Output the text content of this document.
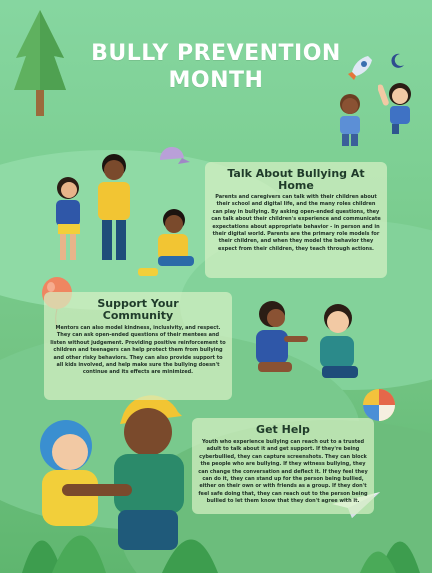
BULLY PREVENTION
MONTH
Talk About Bullying At Home

Parents and caregivers can talk with their children about their school and digital life, and the many roles children can play in bullying. By asking open-ended questions, they can talk about their children's experience and communicate expectations about appropriate behavior - in person and in their digital world. Parents are the primary role models for their children, and when they model the behavior they expect from their children, they teach through actions.

Support Your Community

Mentors can also model kindness, inclusivity, and respect. They can ask open-ended questions of their mentees and listen without judgement. Providing positive reinforcement to children and teenagers can help protect them from bullying and other risky behaviors. They can also provide support to all kids involved, and help make sure the bullying doesn't continue and its effects are minimized.

Get Help

Youth who experience bullying can reach out to a trusted adult to talk about it and get support. If they're being cyberbullied, they can capture screenshots. They can block the people who are bullying. If they witness bullying, they can change the conversation and deflect it. If they feel they can do it, they can stand up for the person being bullied, either on their own or with friends as a group. If they don't feel safe doing that, they can reach out to the person being bullied to let them know that they don't agree with it.
